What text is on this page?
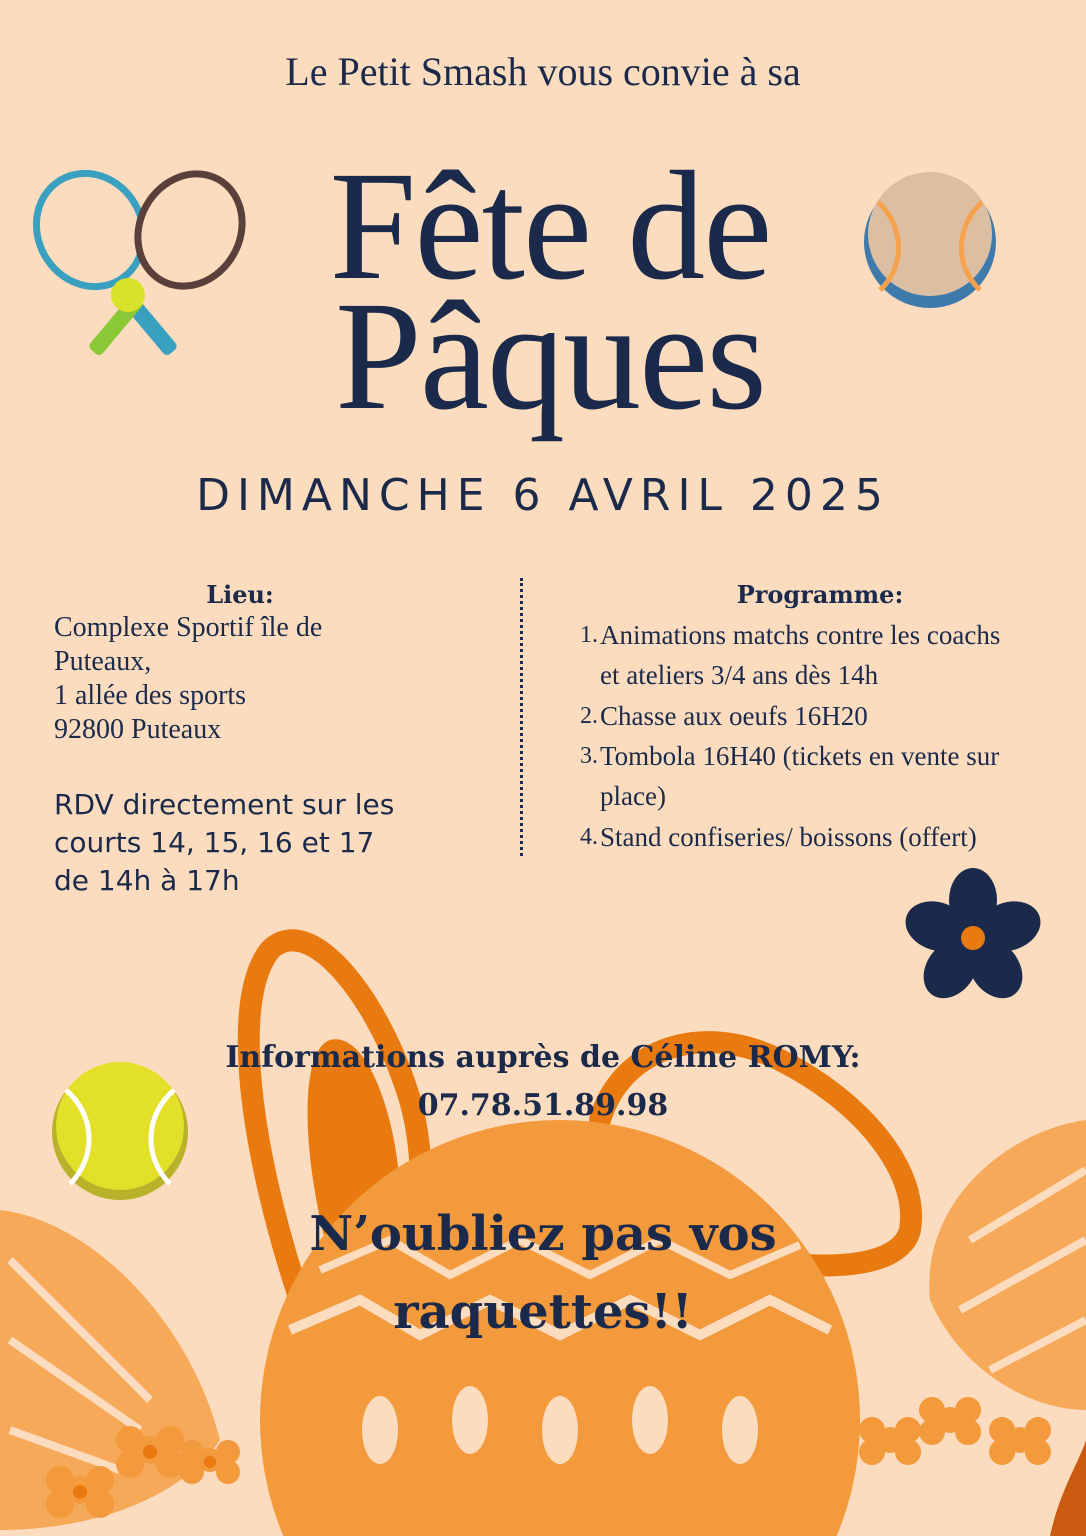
Le Petit Smash vous convie à sa
Fête de
Pâques
DIMANCHE 6 AVRIL 2025
Lieu:
Complexe Sportif île de
Puteaux,
1 allée des sports
92800 Puteaux
RDV directement sur les
courts 14, 15, 16 et 17
de 14h à 17h
Programme:
1. Animations matchs contre les coachs
et ateliers 3/4 ans dès 14h
2. Chasse aux oeufs 16H20
3. Tombola 16H40 (tickets en vente sur
place)
4. Stand confiseries/ boissons (offert)
Informations auprès de Céline ROMY:
07.78.51.89.98
N’oubliez pas vos
raquettes!!
